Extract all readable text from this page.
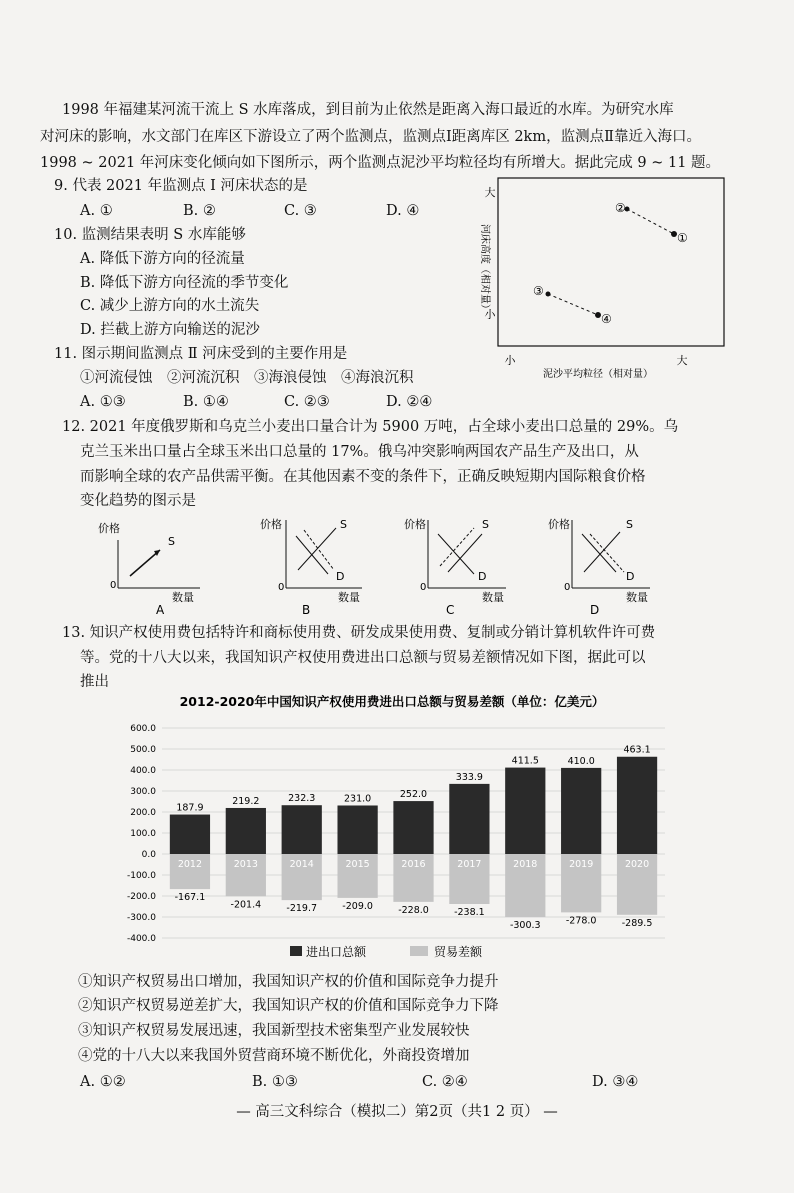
1998 年福建某河流干流上 S 水库落成，到目前为止依然是距离入海口最近的水库。为研究水库
对河床的影响，水文部门在库区下游设立了两个监测点，监测点Ⅰ距离库区 2km，监测点Ⅱ靠近入海口。
1998 ~ 2021 年河床变化倾向如下图所示，两个监测点泥沙平均粒径均有所增大。据此完成 9 ~ 11 题。
9. 代表 2021 年监测点 Ⅰ 河床状态的是
A. ①	B. ②	C. ③	D. ④
10. 监测结果表明 S 水库能够
A. 降低下游方向的径流量
B. 降低下游方向径流的季节变化
C. 减少上游方向的水土流失
D. 拦截上游方向输送的泥沙
11. 图示期间监测点 Ⅱ 河床受到的主要作用是
①河流侵蚀　②河流沉积　③海浪侵蚀　④海浪沉积
A. ①③	B. ①④	C. ②③	D. ②④
大
小
河床高度（相对量）
小	大
泥沙平均粒径（相对量）
②
①
③
④
12. 2021 年度俄罗斯和乌克兰小麦出口量合计为 5900 万吨，占全球小麦出口总量的 29%。乌
克兰玉米出口量占全球玉米出口总量的 17%。俄乌冲突影响两国农产品生产及出口，从
而影响全球的农产品供需平衡。在其他因素不变的条件下，正确反映短期内国际粮食价格
变化趋势的图示是
价格
0
数量
S
A
价格
0
数量
S
D
B
价格
0
数量
S
D
C
价格
0
数量
S
D
D
13. 知识产权使用费包括特许和商标使用费、研发成果使用费、复制或分销计算机软件许可费
等。党的十八大以来，我国知识产权使用费进出口总额与贸易差额情况如下图，据此可以
推出
2012-2020年中国知识产权使用费进出口总额与贸易差额（单位：亿美元）
600.0
500.0
400.0
300.0
200.0
100.0
0.0
-100.0
-200.0
-300.0
-400.0
187.9
-167.1
2012
219.2
-201.4
2013
232.3
-219.7
2014
231.0
-209.0
2015
252.0
-228.0
2016
333.9
-238.1
2017
411.5
-300.3
2018
410.0
-278.0
2019
463.1
-289.5
2020
进出口总额	贸易差额
①知识产权贸易出口增加，我国知识产权的价值和国际竞争力提升
②知识产权贸易逆差扩大，我国知识产权的价值和国际竞争力下降
③知识产权贸易发展迅速，我国新型技术密集型产业发展较快
④党的十八大以来我国外贸营商环境不断优化，外商投资增加
A. ①②	B. ①③	C. ②④	D. ③④
— 高三文科综合（模拟二）第2页（共1 2 页） —
